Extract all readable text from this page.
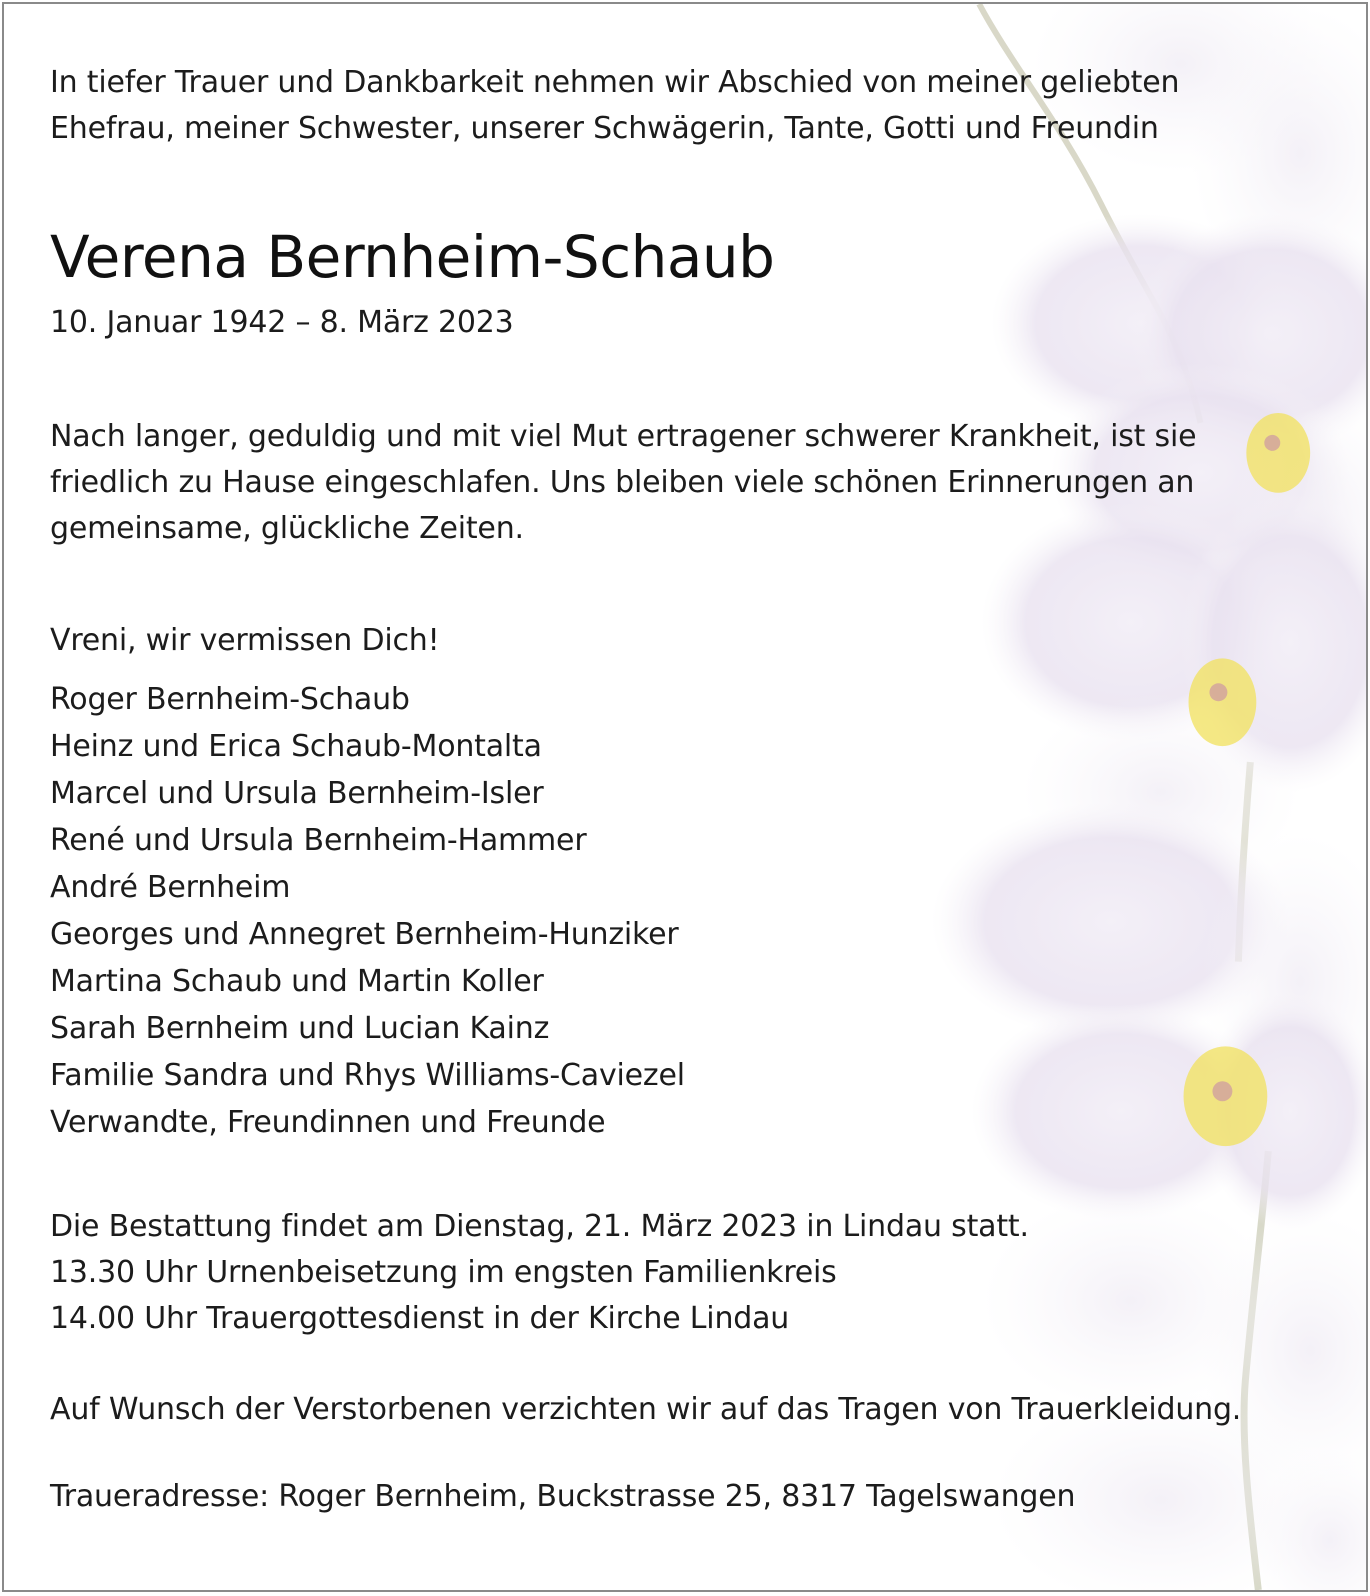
In tiefer Trauer und Dankbarkeit nehmen wir Abschied von meiner geliebten
Ehefrau, meiner Schwester, unserer Schwägerin, Tante, Gotti und Freundin
Verena Bernheim-Schaub
10. Januar 1942 – 8. März 2023
Nach langer, geduldig und mit viel Mut ertragener schwerer Krankheit, ist sie
friedlich zu Hause eingeschlafen. Uns bleiben viele schönen Erinnerungen an
gemeinsame, glückliche Zeiten.
Vreni, wir vermissen Dich!
Roger Bernheim-Schaub
Heinz und Erica Schaub-Montalta
Marcel und Ursula Bernheim-Isler
René und Ursula Bernheim-Hammer
André Bernheim
Georges und Annegret Bernheim-Hunziker
Martina Schaub und Martin Koller
Sarah Bernheim und Lucian Kainz
Familie Sandra und Rhys Williams-Caviezel
Verwandte, Freundinnen und Freunde
Die Bestattung findet am Dienstag, 21. März 2023 in Lindau statt.
13.30 Uhr Urnenbeisetzung im engsten Familienkreis
14.00 Uhr Trauergottesdienst in der Kirche Lindau
Auf Wunsch der Verstorbenen verzichten wir auf das Tragen von Trauerkleidung.
Traueradresse: Roger Bernheim, Buckstrasse 25, 8317 Tagelswangen
